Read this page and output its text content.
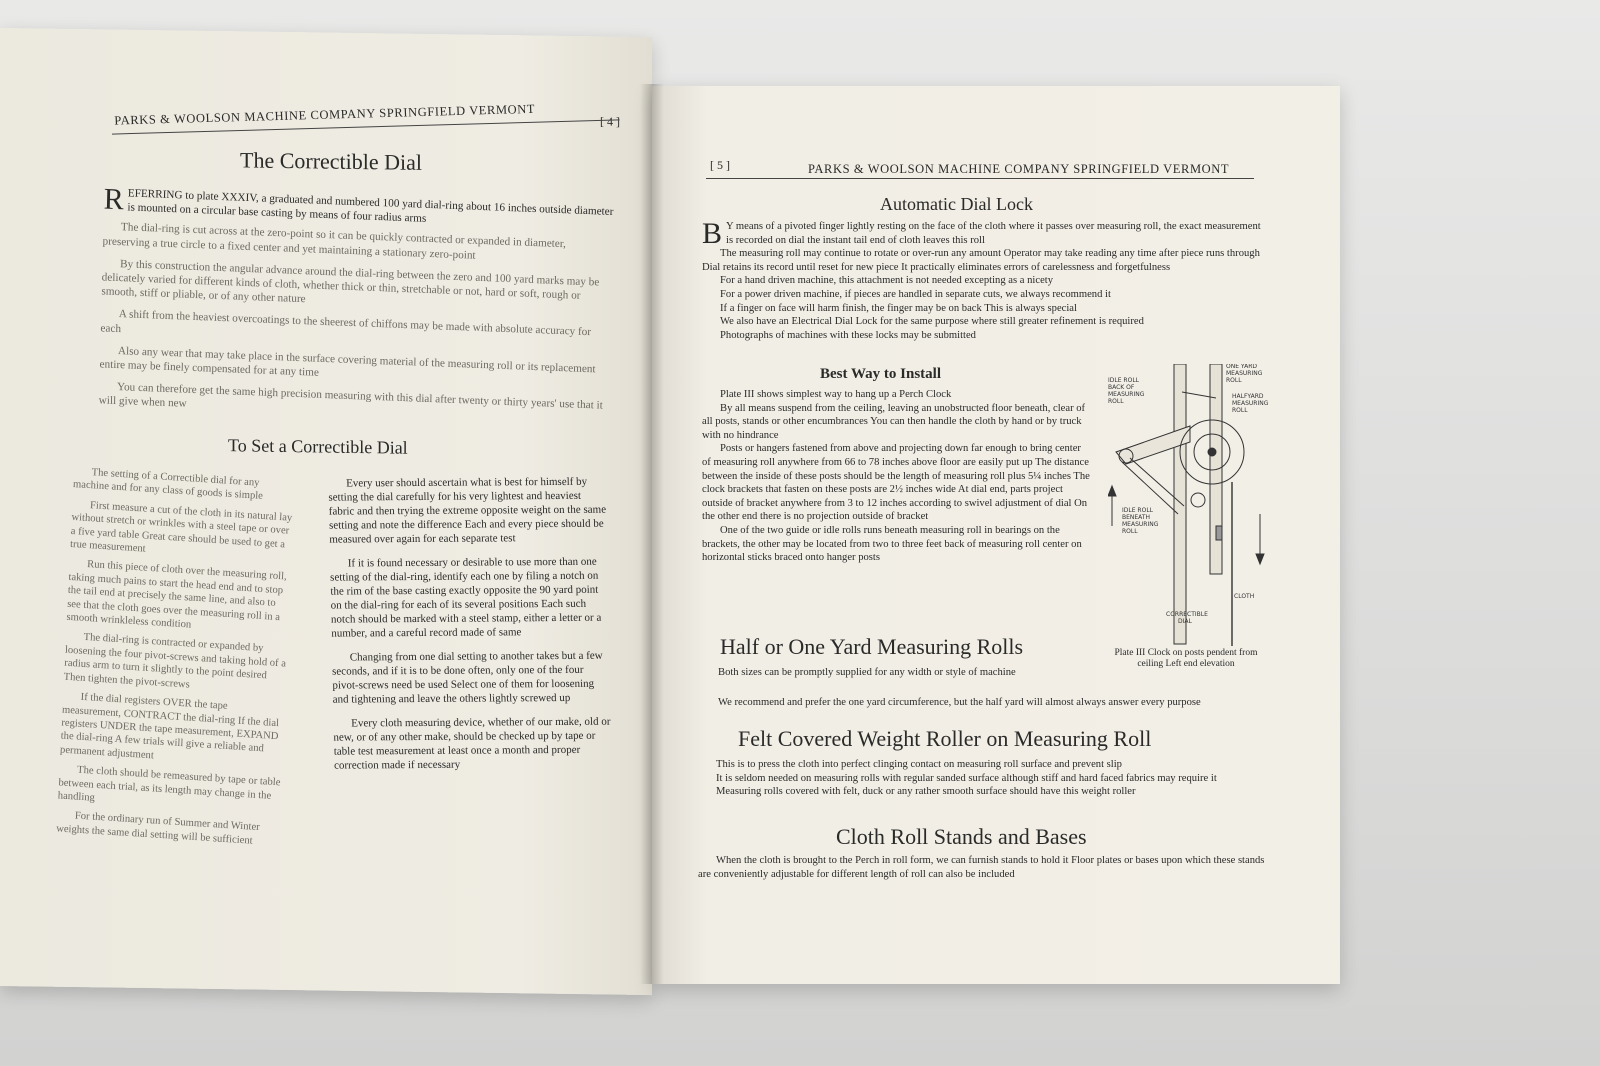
PARKS & WOOLSON MACHINE COMPANY SPRINGFIELD VERMONT	[ 4 ]
The Correctible Dial

REFERRING to plate XXXIV, a graduated and numbered 100 yard dial-ring about 16 inches outside diameter is mounted on a circular base casting by means of four radius arms

The dial-ring is cut across at the zero-point so it can be quickly contracted or expanded in diameter, preserving a true circle to a fixed center and yet maintaining a stationary zero-point

By this construction the angular advance around the dial-ring between the zero and 100 yard marks may be delicately varied for different kinds of cloth, whether thick or thin, stretchable or not, hard or soft, rough or smooth, stiff or pliable, or of any other nature

A shift from the heaviest overcoatings to the sheerest of chiffons may be made with absolute accuracy for each

Also any wear that may take place in the surface covering material of the measuring roll or its replacement entire may be finely compensated for at any time

You can therefore get the same high precision measuring with this dial after twenty or thirty years' use that it will give when new

To Set a Correctible Dial

The setting of a Correctible dial for any machine and for any class of goods is simple

First measure a cut of the cloth in its natural lay without stretch or wrinkles with a steel tape or over a five yard table Great care should be used to get a true measurement

Run this piece of cloth over the measuring roll, taking much pains to start the head end and to stop the tail end at precisely the same line, and also to see that the cloth goes over the measuring roll in a smooth wrinkleless condition

The dial-ring is contracted or expanded by loosening the four pivot-screws and taking hold of a radius arm to turn it slightly to the point desired Then tighten the pivot-screws

If the dial registers OVER the tape measurement, CONTRACT the dial-ring If the dial registers UNDER the tape measurement, EXPAND the dial-ring A few trials will give a reliable and permanent adjustment

The cloth should be remeasured by tape or table between each trial, as its length may change in the handling

For the ordinary run of Summer and Winter weights the same dial setting will be sufficient

Every user should ascertain what is best for himself by setting the dial carefully for his very lightest and heaviest fabric and then trying the extreme opposite weight on the same setting and note the difference Each and every piece should be measured over again for each separate test

If it is found necessary or desirable to use more than one setting of the dial-ring, identify each one by filing a notch on the rim of the base casting exactly opposite the 90 yard point on the dial-ring for each of its several positions Each such notch should be marked with a steel stamp, either a letter or a number, and a careful record made of same

Changing from one dial setting to another takes but a few seconds, and if it is to be done often, only one of the four pivot-screws need be used Select one of them for loosening and tightening and leave the others lightly screwed up

Every cloth measuring device, whether of our make, old or new, or of any other make, should be checked up by tape or table test measurement at least once a month and proper correction made if necessary

[ 5 ]	PARKS & WOOLSON MACHINE COMPANY SPRINGFIELD VERMONT
Automatic Dial Lock

B Y means of a pivoted finger lightly resting on the face of the cloth where it passes over measuring roll, the exact measurement is recorded on dial the instant tail end of cloth leaves this roll

The measuring roll may continue to rotate or over-run any amount Operator may take reading any time after piece runs through Dial retains its record until reset for new piece It practically eliminates errors of carelessness and forgetfulness

For a hand driven machine, this attachment is not needed excepting as a nicety

For a power driven machine, if pieces are handled in separate cuts, we always recommend it

If a finger on face will harm finish, the finger may be on back This is always special

We also have an Electrical Dial Lock for the same purpose where still greater refinement is required

Photographs of machines with these locks may be submitted

Best Way to Install

Plate III shows simplest way to hang up a Perch Clock

By all means suspend from the ceiling, leaving an unobstructed floor beneath, clear of all posts, stands or other encumbrances You can then handle the cloth by hand or by truck with no hindrance

Posts or hangers fastened from above and projecting down far enough to bring center of measuring roll anywhere from 66 to 78 inches above floor are easily put up The distance between the inside of these posts should be the length of measuring roll plus 5¼ inches The clock brackets that fasten on these posts are 2½ inches wide At dial end, parts project outside of bracket anywhere from 3 to 12 inches according to swivel adjustment of dial On the other end there is no projection outside of bracket

One of the two guide or idle rolls runs beneath measuring roll in bearings on the brackets, the other may be located from two to three feet back of measuring roll center on horizontal sticks braced onto hanger posts

IDLE ROLL BACK OF MEASURING ROLL
ONE YARD MEASURING ROLL
HALFYARD MEASURING ROLL
IDLE ROLL BENEATH MEASURING ROLL
CLOTH
CORRECTIBLE DIAL
Plate III Clock on posts pendent from ceiling Left end elevation
Half or One Yard Measuring Rolls

Both sizes can be promptly supplied for any width or style of machine

We recommend and prefer the one yard circumference, but the half yard will almost always answer every purpose

Felt Covered Weight Roller on Measuring Roll

This is to press the cloth into perfect clinging contact on measuring roll surface and prevent slip

It is seldom needed on measuring rolls with regular sanded surface although stiff and hard faced fabrics may require it

Measuring rolls covered with felt, duck or any rather smooth surface should have this weight roller

Cloth Roll Stands and Bases

When the cloth is brought to the Perch in roll form, we can furnish stands to hold it Floor plates or bases upon which these stands are conveniently adjustable for different length of roll can also be included
